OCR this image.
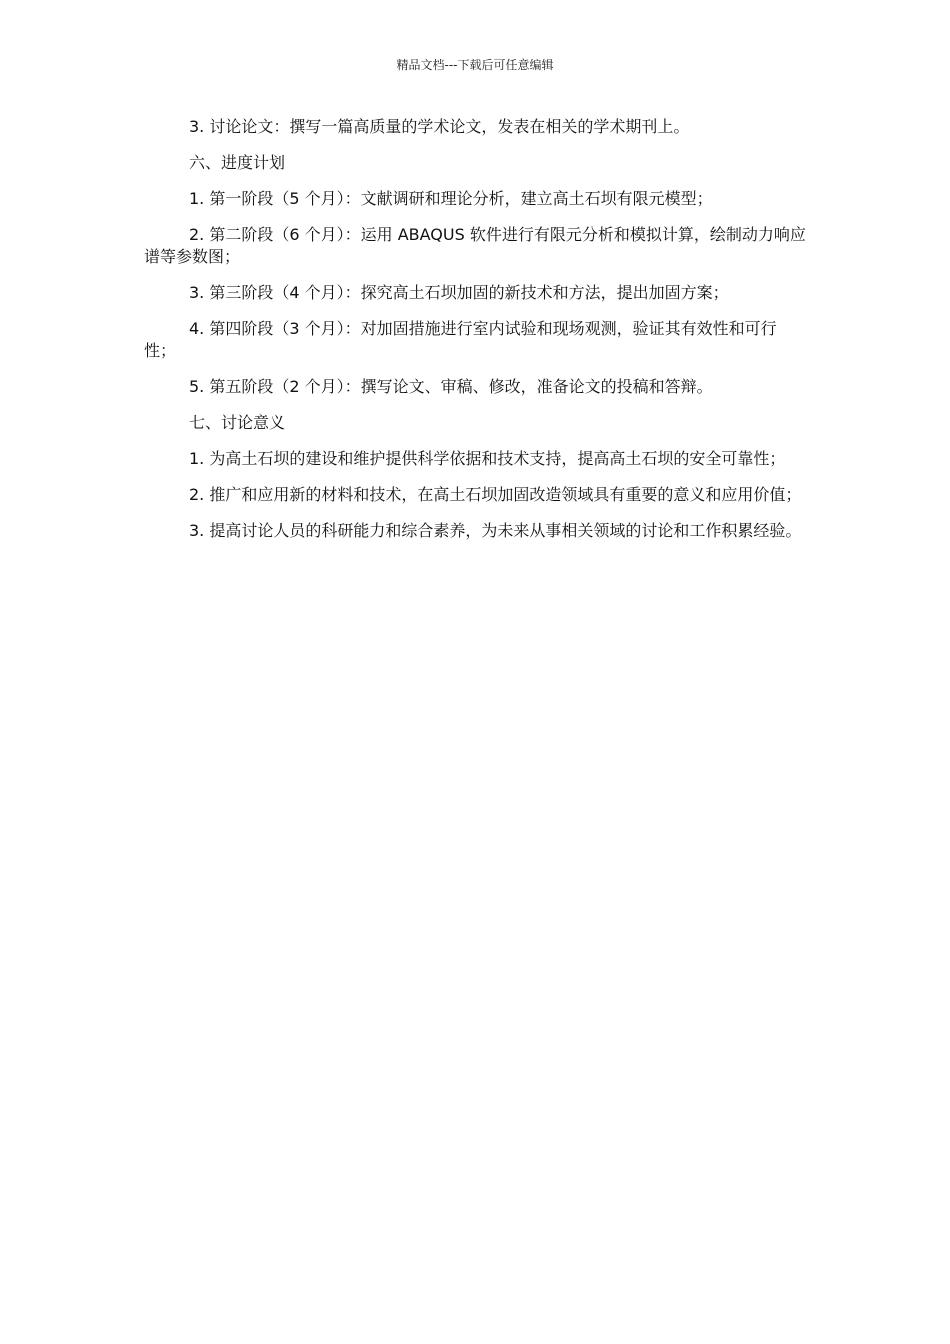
精品文档---下载后可任意编辑

3. 讨论论文：撰写一篇高质量的学术论文，发表在相关的学术期刊上。

六、进度计划

1. 第一阶段（5 个月）：文献调研和理论分析，建立高土石坝有限元模型；

2. 第二阶段（6 个月）：运用 ABAQUS 软件进行有限元分析和模拟计算，绘制动力响应谱等参数图；

3. 第三阶段（4 个月）：探究高土石坝加固的新技术和方法，提出加固方案；

4. 第四阶段（3 个月）：对加固措施进行室内试验和现场观测，验证其有效性和可行性；

5. 第五阶段（2 个月）：撰写论文、审稿、修改，准备论文的投稿和答辩。

七、讨论意义

1. 为高土石坝的建设和维护提供科学依据和技术支持，提高高土石坝的安全可靠性；

2. 推广和应用新的材料和技术，在高土石坝加固改造领域具有重要的意义和应用价值；

3. 提高讨论人员的科研能力和综合素养，为未来从事相关领域的讨论和工作积累经验。
